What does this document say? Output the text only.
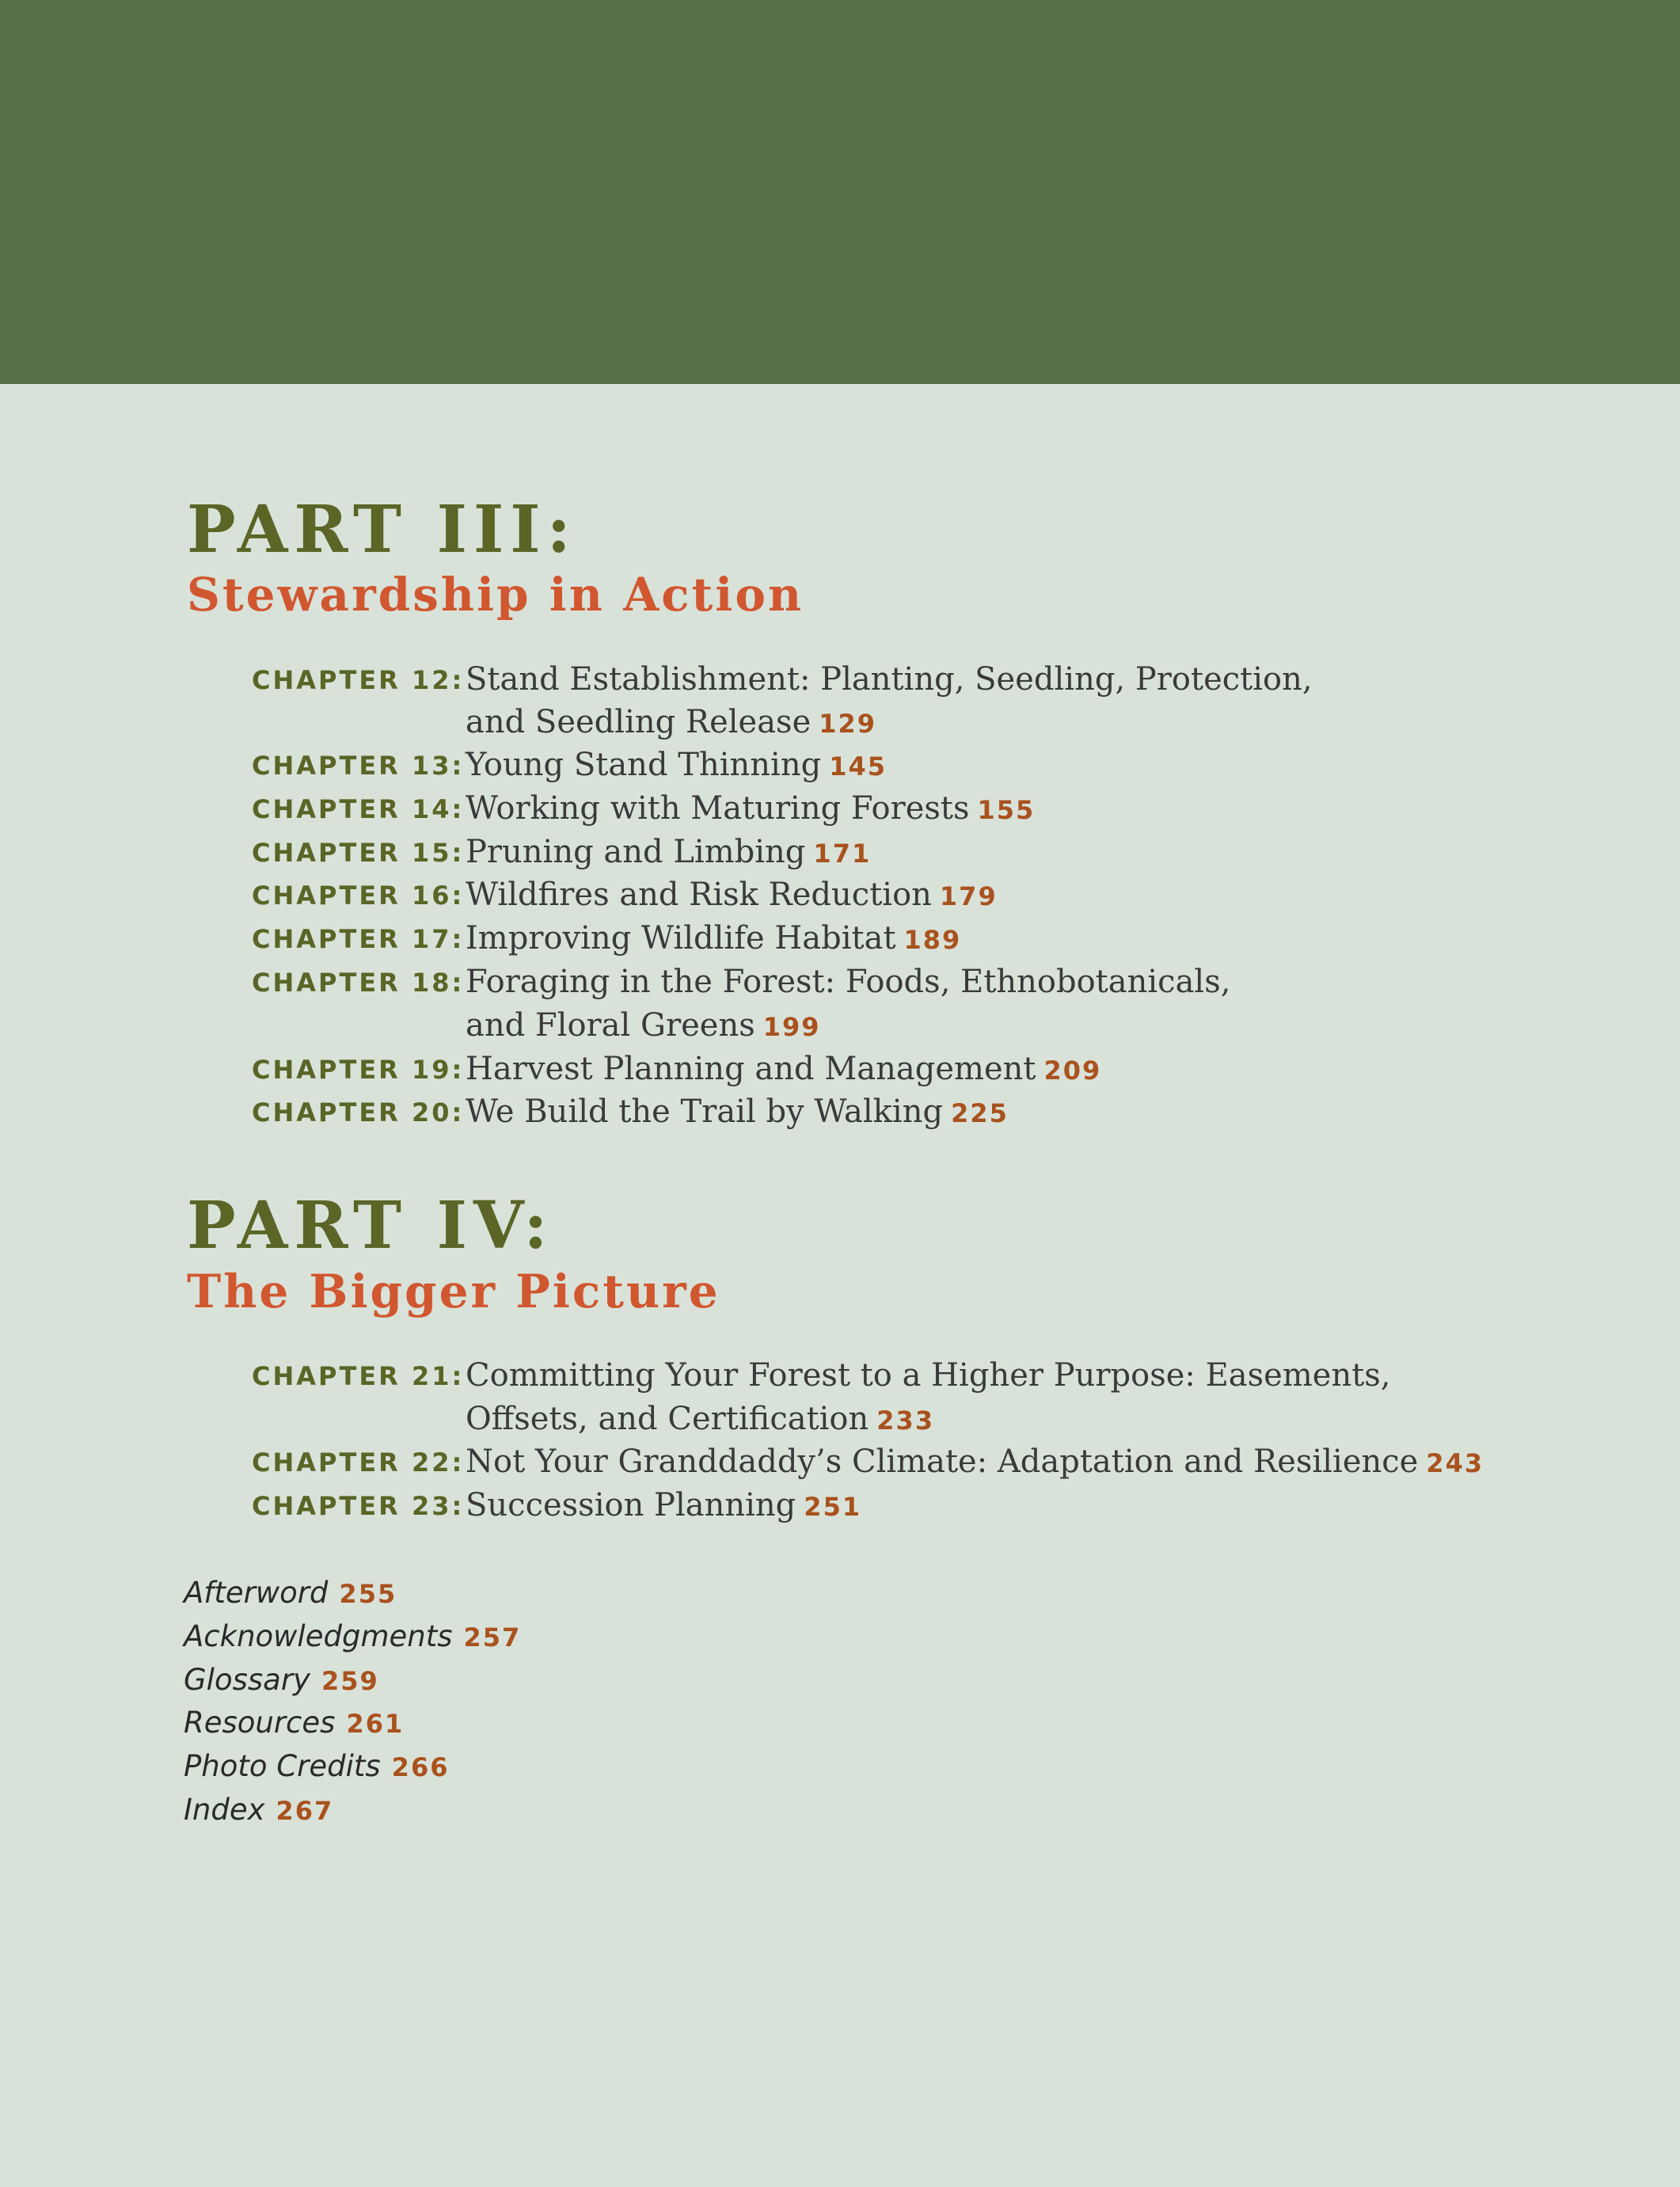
PART III:
Stewardship in Action
CHAPTER 12: Stand Establishment: Planting, Seedling, Protection,
and Seedling Release 129
CHAPTER 13: Young Stand Thinning 145
CHAPTER 14: Working with Maturing Forests 155
CHAPTER 15: Pruning and Limbing 171
CHAPTER 16: Wildfires and Risk Reduction 179
CHAPTER 17: Improving Wildlife Habitat 189
CHAPTER 18: Foraging in the Forest: Foods, Ethnobotanicals,
and Floral Greens 199
CHAPTER 19: Harvest Planning and Management 209
CHAPTER 20: We Build the Trail by Walking 225
PART IV:
The Bigger Picture
CHAPTER 21: Committing Your Forest to a Higher Purpose: Easements,
Offsets, and Certification 233
CHAPTER 22: Not Your Granddaddy’s Climate: Adaptation and Resilience 243
CHAPTER 23: Succession Planning 251
Afterword 255
Acknowledgments 257
Glossary 259
Resources 261
Photo Credits 266
Index 267
